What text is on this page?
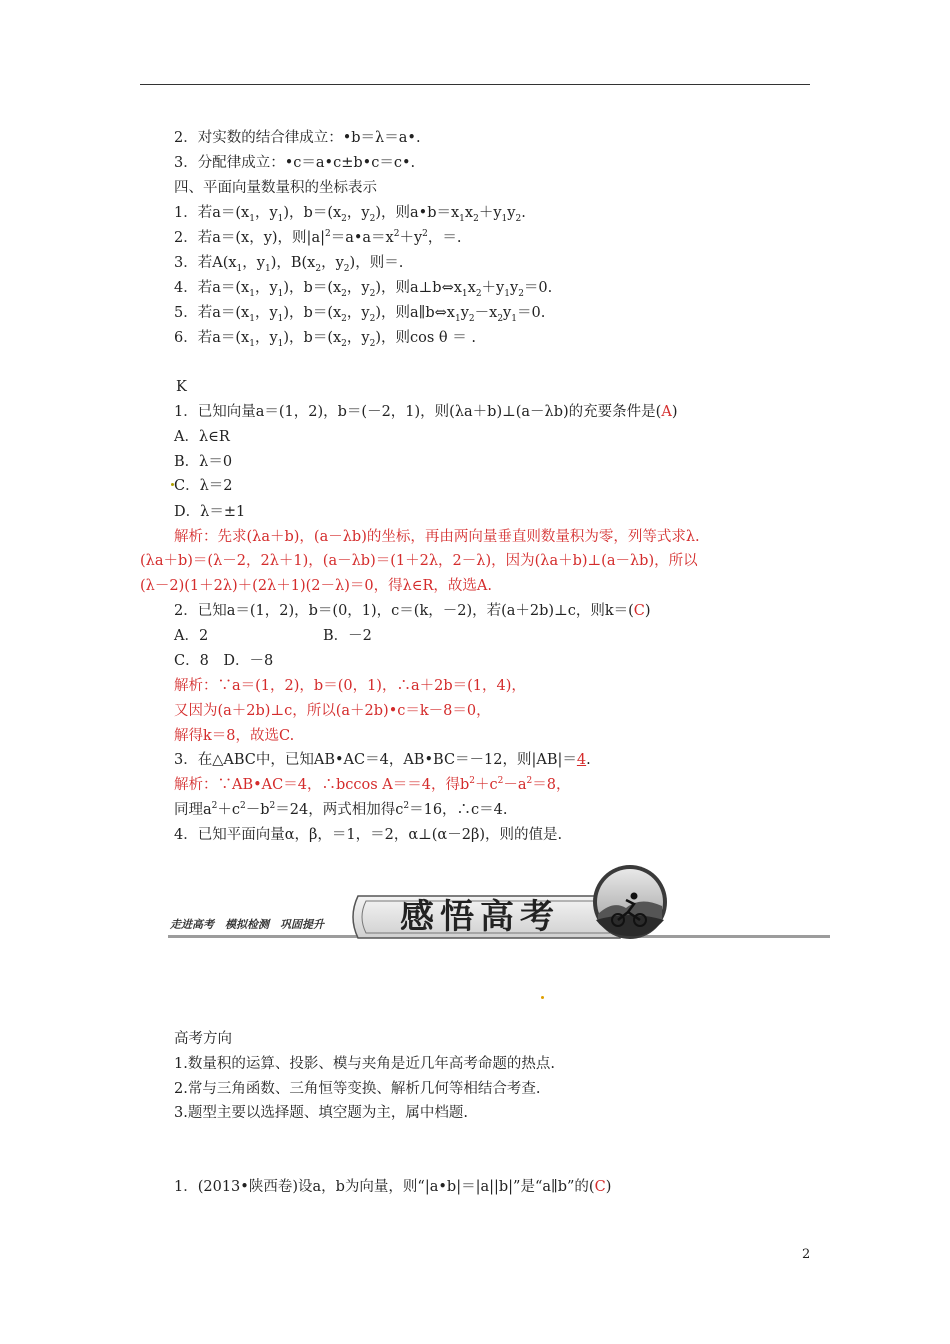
2．对实数的结合律成立：•b＝λ＝a•.
3．分配律成立：•c＝a•c±b•c＝c•.
四、平面向量数量积的坐标表示
1．若$a=(x_1$，$y_1$)，$b=(x_2$，$y_2$)，则$a•b=x_1x_2+y_1y_2$.
2．若a＝(x，y)，则$|a|^2=a•a=x^2+y^2$，＝.
3．若$A(x_1$，$y_1$)，$B(x_2$，$y_2$)，则＝.
4．若$a=(x_1$，$y_1$)，$b=(x_2$，$y_2$)，则$a\perp b\Leftrightarrow x_1x_2+y_1y_2=0$.
5．若$a=(x_1$，$y_1$)，$b=(x_2$，$y_2$)，则$a\parallel b\Leftrightarrow x_1y_2-x_2y_1=0$.
6．若$a=(x_1$，$y_1$)，$b=(x_2$，$y_2$)，则cos θ ＝ .
K
1．已知向量a＝(1，2)，b＝(－2，1)，则(λa＋b)⊥(a－λb)的充要条件是(A)
A．λ∈R
B．λ＝0
C．λ＝2
D．λ＝±1
解析：先求(λa＋b)，(a－λb)的坐标，再由两向量垂直则数量积为零，列等式求λ.
(λa＋b)＝(λ－2，2λ＋1)，(a－λb)＝(1＋2λ，2－λ)，因为(λa＋b)⊥(a－λb)，所以
(λ－2)(1＋2λ)＋(2λ＋1)(2－λ)＝0，得λ∈R，故选A.
2．已知a＝(1，2)，b＝(0，1)，c＝(k，－2)，若(a＋2b)⊥c，则k＝(C)
A．2	B．－2
C．8　D．－8
解析：∵a＝(1，2)，b＝(0，1)，∴a＋2b＝(1，4)，
又因为(a＋2b)⊥c，所以(a＋2b)•c＝k－8＝0，
解得k＝8，故选C.
3．在△ABC中，已知AB•AC＝4，AB•BC＝－12，则|AB|＝4.
解析：∵AB•AC＝4，∴bccos A＝＝4，得$b^2+c^2-a^2=8$，
同理$a^2+c^2-b^2=24$，两式相加得$c^2=16$，∴c＝4.
4．已知平面向量α，β，＝1，＝2，α⊥(α－2β)，则的值是.
高考方向
1.数量积的运算、投影、模与夹角是近几年高考命题的热点.
2.常与三角函数、三角恒等变换、解析几何等相结合考查.
3.题型主要以选择题、填空题为主，属中档题.
1．(2013•陕西卷)设a，b为向量，则“|a•b|＝|a||b|”是“a∥b”的(C)
走进高考　模拟检测　巩固提升 感悟高考
2
